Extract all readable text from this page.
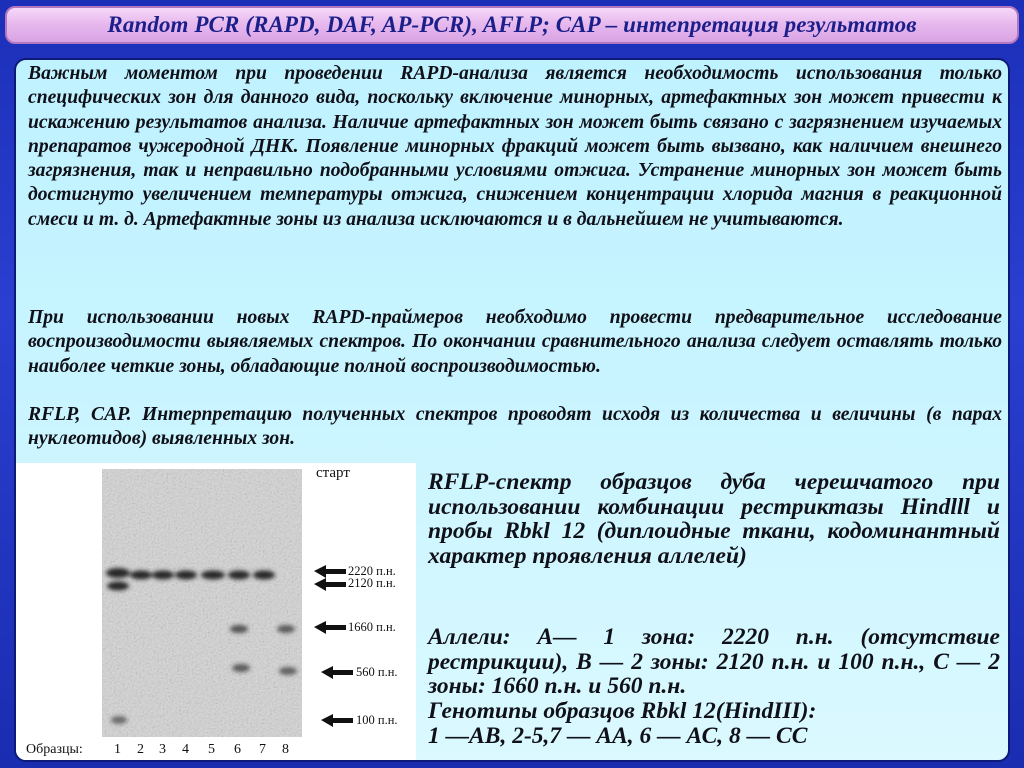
Random PCR (RAPD, DAF, AP-PCR), AFLP; CAP – интепретация результатов

Важным моментом при проведении RAPD-анализа является необходимость использования только специфических зон для данного вида, поскольку включение минорных, артефактных зон может привести к искажению результатов анализа. Наличие артефактных зон может быть связано с загрязнением изучаемых препаратов чужеродной ДНК. Появление минорных фракций может быть вызвано, как наличием внешнего загрязнения, так и неправильно подобранными условиями отжига. Устранение минорных зон может быть достигнуто увеличением температуры отжига, снижением концентрации хлорида магния в реакционной смеси и т. д. Артефактные зоны из анализа исключаются и в дальнейшем не учитываются.

При использовании новых RAPD-праймеров необходимо провести предварительное исследование воспроизводимости выявляемых спектров. По окончании сравнительного анализа следует оставлять только наиболее четкие зоны, обладающие полной воспроизводимостью.

RFLP, CAP. Интерпретацию полученных спектров проводят исходя из количества и величины (в парах нуклеотидов) выявленных зон.

старт
2220 п.н.
2120 п.н.
1660 п.н.
560 п.н.
100 п.н.
Образцы: 1 2 3 4 5 6 7 8

RFLP-спектр образцов дуба черешчатого при использовании комбинации рестриктазы Hindlll и пробы Rbkl 12 (диплоидные ткани, кодоминантный характер проявления аллелей)

Аллели: А— 1 зона: 2220 п.н. (отсутствие рестрикции), В — 2 зоны: 2120 п.н. и 100 п.н., С — 2 зоны: 1660 п.н. и 560 п.н.

Генотипы образцов Rbkl 12(HindIII):

1 —АВ, 2-5,7 — АА, 6 — АС, 8 — СС
